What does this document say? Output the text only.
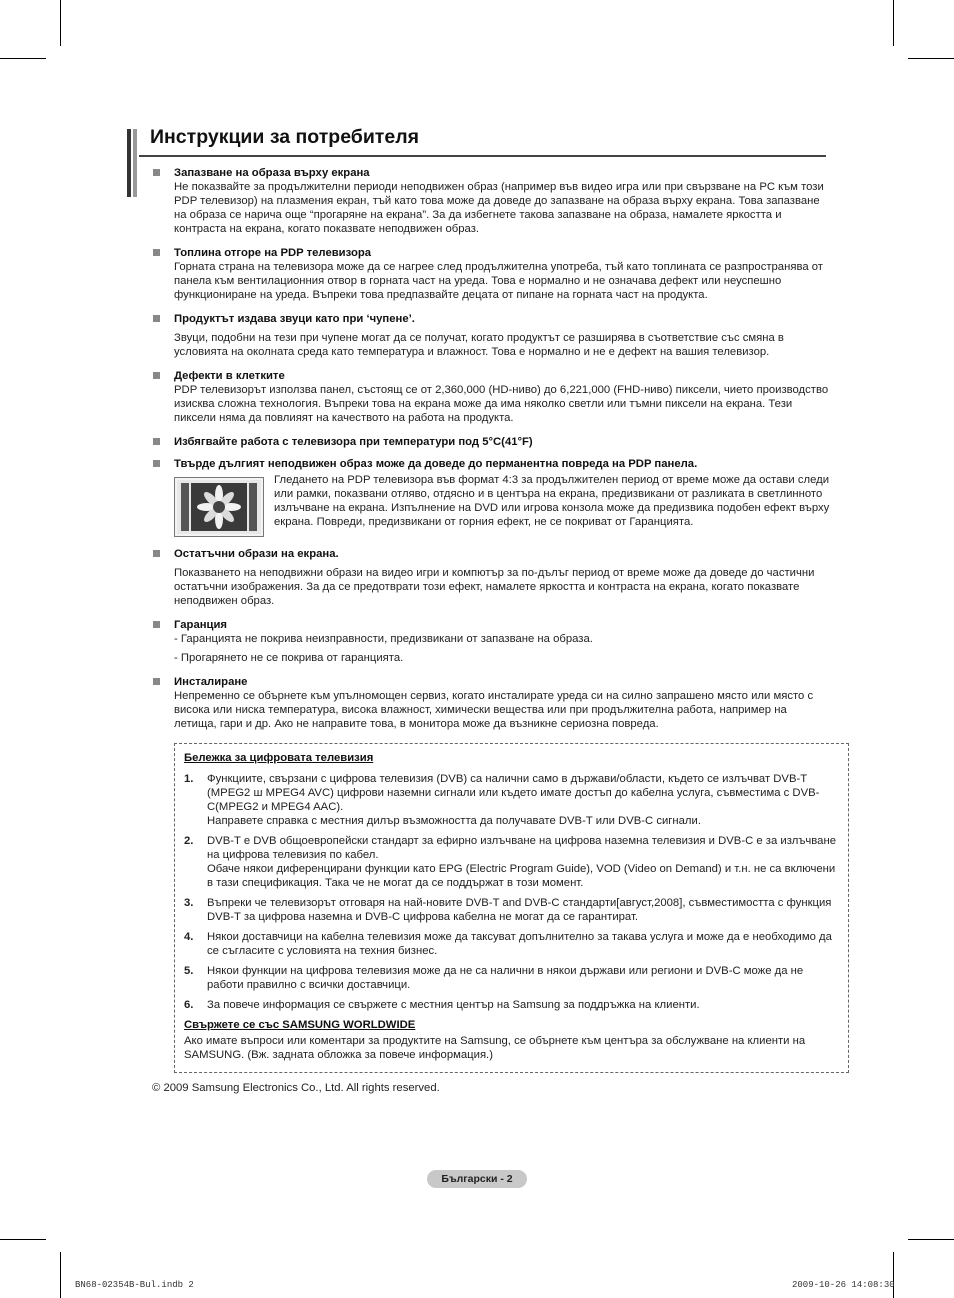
Инструкции за потребителя
Запазване на образа върху екрана

Не показвайте за продължителни периоди неподвижен образ (например във видео игра или при свързване на PC към този PDP телевизор) на плазмения екран, тъй като това може да доведе до запазване на образа върху екрана. Това запазване на образа се нарича още “прогаряне на екрана”. За да избегнете такова запазване на образа, намалете яркостта и контраста на екрана, когато показвате неподвижен образ.

Топлина отгоре на PDP телевизора

Горната страна на телевизора може да се нагрее след продължителна употреба, тъй като топлината се разпространява от панела към вентилационния отвор в горната част на уреда. Това е нормално и не означава дефект или неуспешно функциониране на уреда. Въпреки това предпазвайте децата от пипане на горната част на продукта.

Продуктът издава звуци като при ‘чупене’.

Звуци, подобни на тези при чупене могат да се получат, когато продуктът се разширява в съответствие със смяна в условията на околната среда като температура и влажност. Това е нормално и не е дефект на вашия телевизор.

Дефекти в клетките

PDP телевизорът използва панел, състоящ се от 2,360,000 (HD-ниво) до 6,221,000 (FHD-ниво) пиксели, чието производство изисква сложна технология. Въпреки това на екрана може да има няколко светли или тъмни пиксели на екрана. Тези пиксели няма да повлияят на качеството на работа на продукта.

Избягвайте работа с телевизора при температури под 5°C(41°F)
Твърде дългият неподвижен образ може да доведе до перманентна повреда на PDP панела.

Гледането на PDP телевизора във формат 4:3 за продължителен период от време може да остави следи или рамки, показвани отляво, отдясно и в центъра на екрана, предизвикани от разликата в светлинното излъчване на екрана. Изпълнение на DVD или игрова конзола може да предизвика подобен ефект върху екрана. Повреди, предизвикани от горния ефект, не се покриват от Гаранцията.

Остатъчни образи на екрана.

Показването на неподвижни образи на видео игри и компютър за по-дълъг период от време може да доведе до частични остатъчни изображения. За да се предотврати този ефект, намалете яркостта и контраста на екрана, когато показвате неподвижен образ.

Гаранция

- Гаранцията не покрива неизправности, предизвикани от запазване на образа.

- Прогарянето не се покрива от гаранцията.

Инсталиране

Непременно се обърнете към упълномощен сервиз, когато инсталирате уреда си на силно запрашено място или място с висока или ниска температура, висока влажност, химически вещества или при продължителна работа, например на летища, гари и др. Ако не направите това, в монитора може да възникне сериозна повреда.

Бележка за цифровата телевизия
1. Функциите, свързани с цифрова телевизия (DVB) са налични само в държави/области, където се излъчват DVB-T (MPEG2 ш MPEG4 AVC) цифрови наземни сигнали или където имате достъп до кабелна услуга, съвместима с DVB-C(MPEG2 и MPEG4 AAC).

Направете справка с местния дилър възможността да получавате DVB-T или DVB-C сигнали.

2. DVB-T е DVB общоевропейски стандарт за ефирно излъчване на цифрова наземна телевизия и DVB-C е за излъчване на цифрова телевизия по кабел.

Обаче някои диференцирани функции като EPG (Electric Program Guide), VOD (Video on Demand) и т.н. не са включени в тази спецификация. Така че не могат да се поддържат в този момент.

3. Въпреки че телевизорът отговаря на най-новите DVB-T and DVB-C стандарти[август,2008], съвместимостта с функция DVB-T за цифрова наземна и DVB-C цифрова кабелна не могат да се гарантират.

4. Някои доставчици на кабелна телевизия може да таксуват допълнително за такава услуга и може да е необходимо да се съгласите с условията на техния бизнес.

5. Някои функции на цифрова телевизия може да не са налични в някои държави или региони и DVB-C може да не работи правилно с всички доставчици.

6. За повече информация се свържете с местния център на Samsung за поддръжка на клиенти.

Свържете се със SAMSUNG WORLDWIDE

Ако имате въпроси или коментари за продуктите на Samsung, се обърнете към центъра за обслужване на клиенти на SAMSUNG. (Вж. задната обложка за повече информация.)

© 2009 Samsung Electronics Co., Ltd. All rights reserved.
Български - 2
BN68-02354B-Bul.indb 2	2009-10-26 14:08:30
